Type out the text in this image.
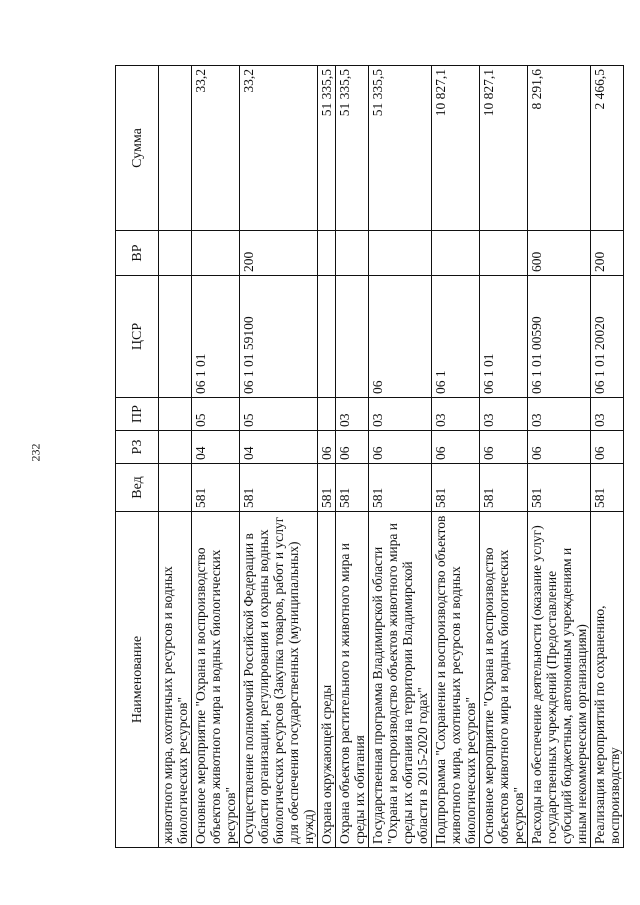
232
Наименование	Вед	РЗ	ПР	ЦСР	ВР	Сумма
животного мира, охотничьих ресурсов и водных биологических ресурсов"						
Основное мероприятие "Охрана и воспроизводство объектов животного мира и водных биологических ресурсов"	581	04	05	06 1 01		33,2
Осуществление полномочий Российской Федерации в области организации, регулирования и охраны водных биологических ресурсов (Закупка товаров, работ и услуг для обеспечения государственных (муниципальных) нужд)	581	04	05	06 1 01 59100	200	33,2
Охрана окружающей среды	581	06				51 335,5
Охрана объектов растительного и животного мира и среды их обитания	581	06	03			51 335,5
Государственная программа Владимирской области "Охрана и воспроизводство объектов животного мира и среды их обитания на территории Владимирской области в 2015-2020 годах"	581	06	03	06		51 335,5
Подпрограмма "Сохранение и воспроизводство объектов животного мира, охотничьих ресурсов и водных биологических ресурсов"	581	06	03	06 1		10 827,1
Основное мероприятие "Охрана и воспроизводство объектов животного мира и водных биологических ресурсов"	581	06	03	06 1 01		10 827,1
Расходы на обеспечение деятельности (оказание услуг) государственных учреждений (Предоставление субсидий бюджетным, автономным учреждениям и иным некоммерческим организациям)	581	06	03	06 1 01 00590	600	8 291,6
Реализация мероприятий по сохранению, воспроизводству	581	06	03	06 1 01 20020	200	2 466,5
